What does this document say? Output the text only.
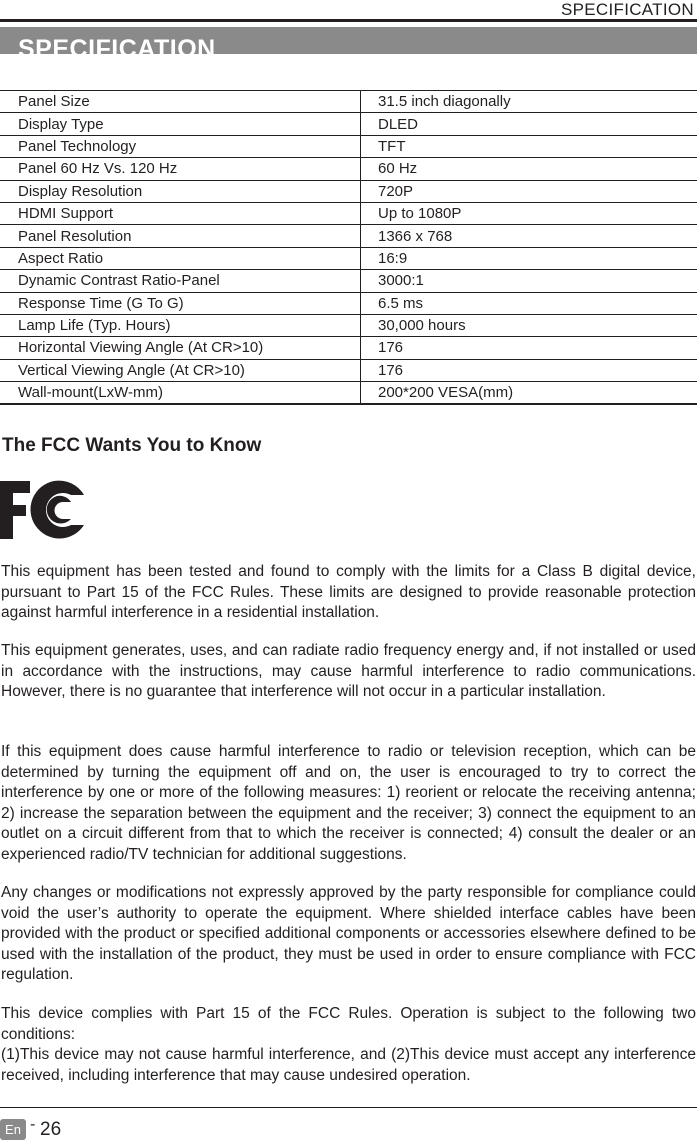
SPECIFICATION
SPECIFICATION
Panel Size	31.5 inch diagonally
Display Type	DLED
Panel Technology	TFT
Panel 60 Hz Vs. 120 Hz	60 Hz
Display Resolution	720P
HDMI Support	Up to 1080P
Panel Resolution	1366 x 768
Aspect Ratio	16:9
Dynamic Contrast Ratio-Panel	3000:1
Response Time (G To G)	6.5 ms
Lamp Life (Typ. Hours)	30,000 hours
Horizontal Viewing Angle (At CR>10)	176
Vertical Viewing Angle (At CR>10)	176
Wall-mount(LxW-mm)	200*200 VESA(mm)
The FCC Wants You to Know

This equipment has been tested and found to comply with the limits for a Class B digital device, pursuant to Part 15 of the FCC Rules. These limits are designed to provide reasonable protection against harmful interference in a residential installation.

This equipment generates, uses, and can radiate radio frequency energy and, if not installed or used in accordance with the instructions, may cause harmful interference to radio communications. However, there is no guarantee that interference will not occur in a particular installation.

If this equipment does cause harmful interference to radio or television reception, which can be determined by turning the equipment off and on, the user is encouraged to try to correct the interference by one or more of the following measures: 1) reorient or relocate the receiving antenna; 2) increase the separation between the equipment and the receiver; 3) connect the equipment to an outlet on a circuit different from that to which the receiver is connected; 4) consult the dealer or an experienced radio/TV technician for additional suggestions.

Any changes or modifications not expressly approved by the party responsible for compliance could void the user’s authority to operate the equipment. Where shielded interface cables have been provided with the product or specified additional components or accessories elsewhere defined to be used with the installation of the product, they must be used in order to ensure compliance with FCC regulation.

This device complies with Part 15 of the FCC Rules. Operation is subject to the following two conditions:
(1)This device may not cause harmful interference, and (2)This device must accept any interference received, including interference that may cause undesired operation.
En - 26
